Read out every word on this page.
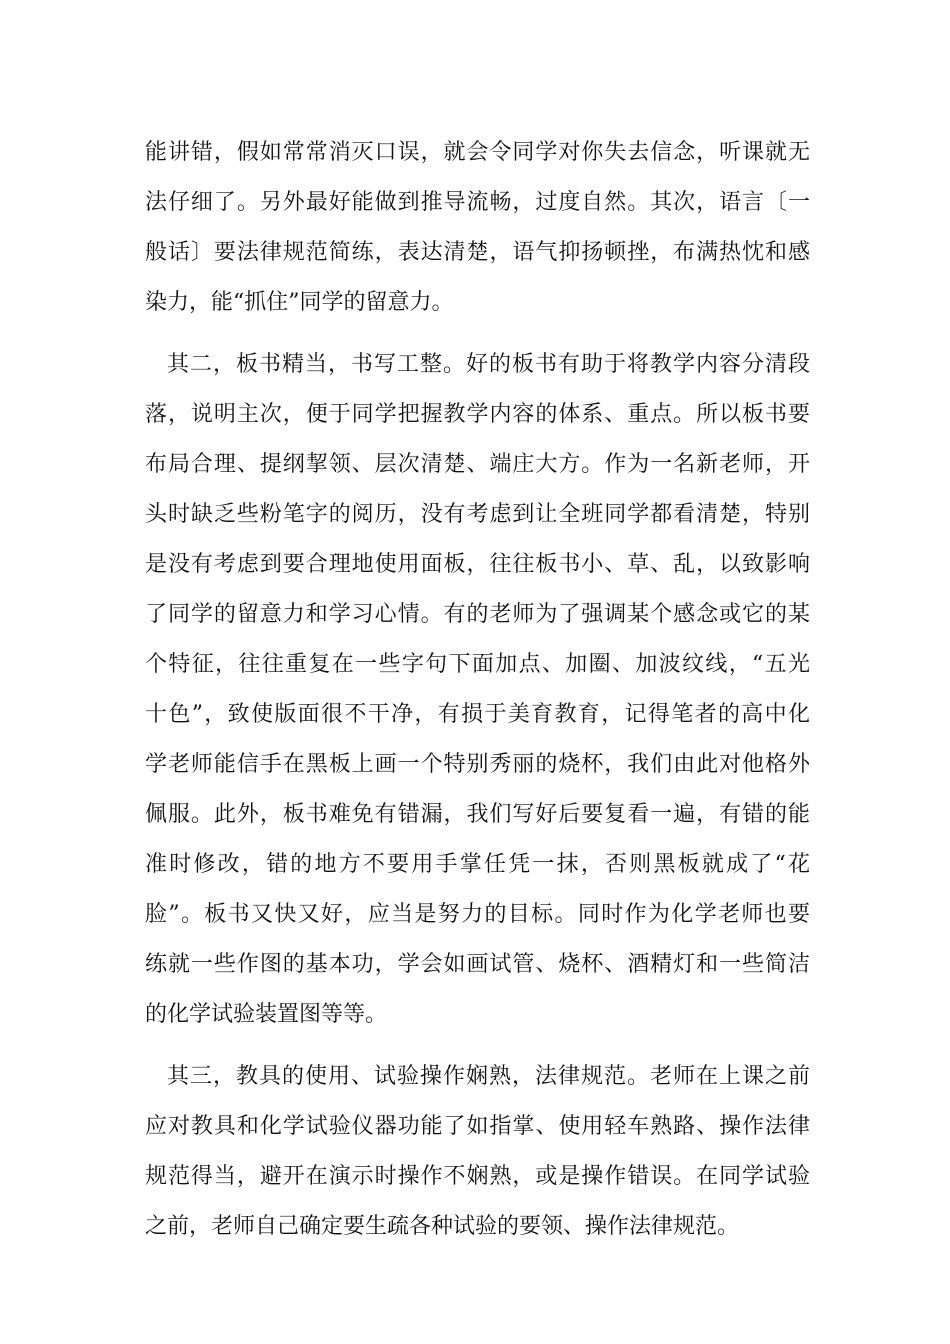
能讲错，假如常常消灭口误，就会令同学对你失去信念，听课就无
法仔细了。另外最好能做到推导流畅，过度自然。其次，语言〔一
般话〕要法律规范简练，表达清楚，语气抑扬顿挫，布满热忱和感
染力，能“抓住”同学的留意力。
其二，板书精当，书写工整。好的板书有助于将教学内容分清段
落，说明主次，便于同学把握教学内容的体系、重点。所以板书要
布局合理、提纲挈领、层次清楚、端庄大方。作为一名新老师，开
头时缺乏些粉笔字的阅历，没有考虑到让全班同学都看清楚，特别
是没有考虑到要合理地使用面板，往往板书小、草、乱，以致影响
了同学的留意力和学习心情。有的老师为了强调某个感念或它的某
个特征，往往重复在一些字句下面加点、加圈、加波纹线，“五光
十色”，致使版面很不干净，有损于美育教育，记得笔者的高中化
学老师能信手在黑板上画一个特别秀丽的烧杯，我们由此对他格外
佩服。此外，板书难免有错漏，我们写好后要复看一遍，有错的能
准时修改，错的地方不要用手掌任凭一抹，否则黑板就成了“花
脸”。板书又快又好，应当是努力的目标。同时作为化学老师也要
练就一些作图的基本功，学会如画试管、烧杯、酒精灯和一些简洁
的化学试验装置图等等。
其三，教具的使用、试验操作娴熟，法律规范。老师在上课之前
应对教具和化学试验仪器功能了如指掌、使用轻车熟路、操作法律
规范得当，避开在演示时操作不娴熟，或是操作错误。在同学试验
之前，老师自己确定要生疏各种试验的要领、操作法律规范。
